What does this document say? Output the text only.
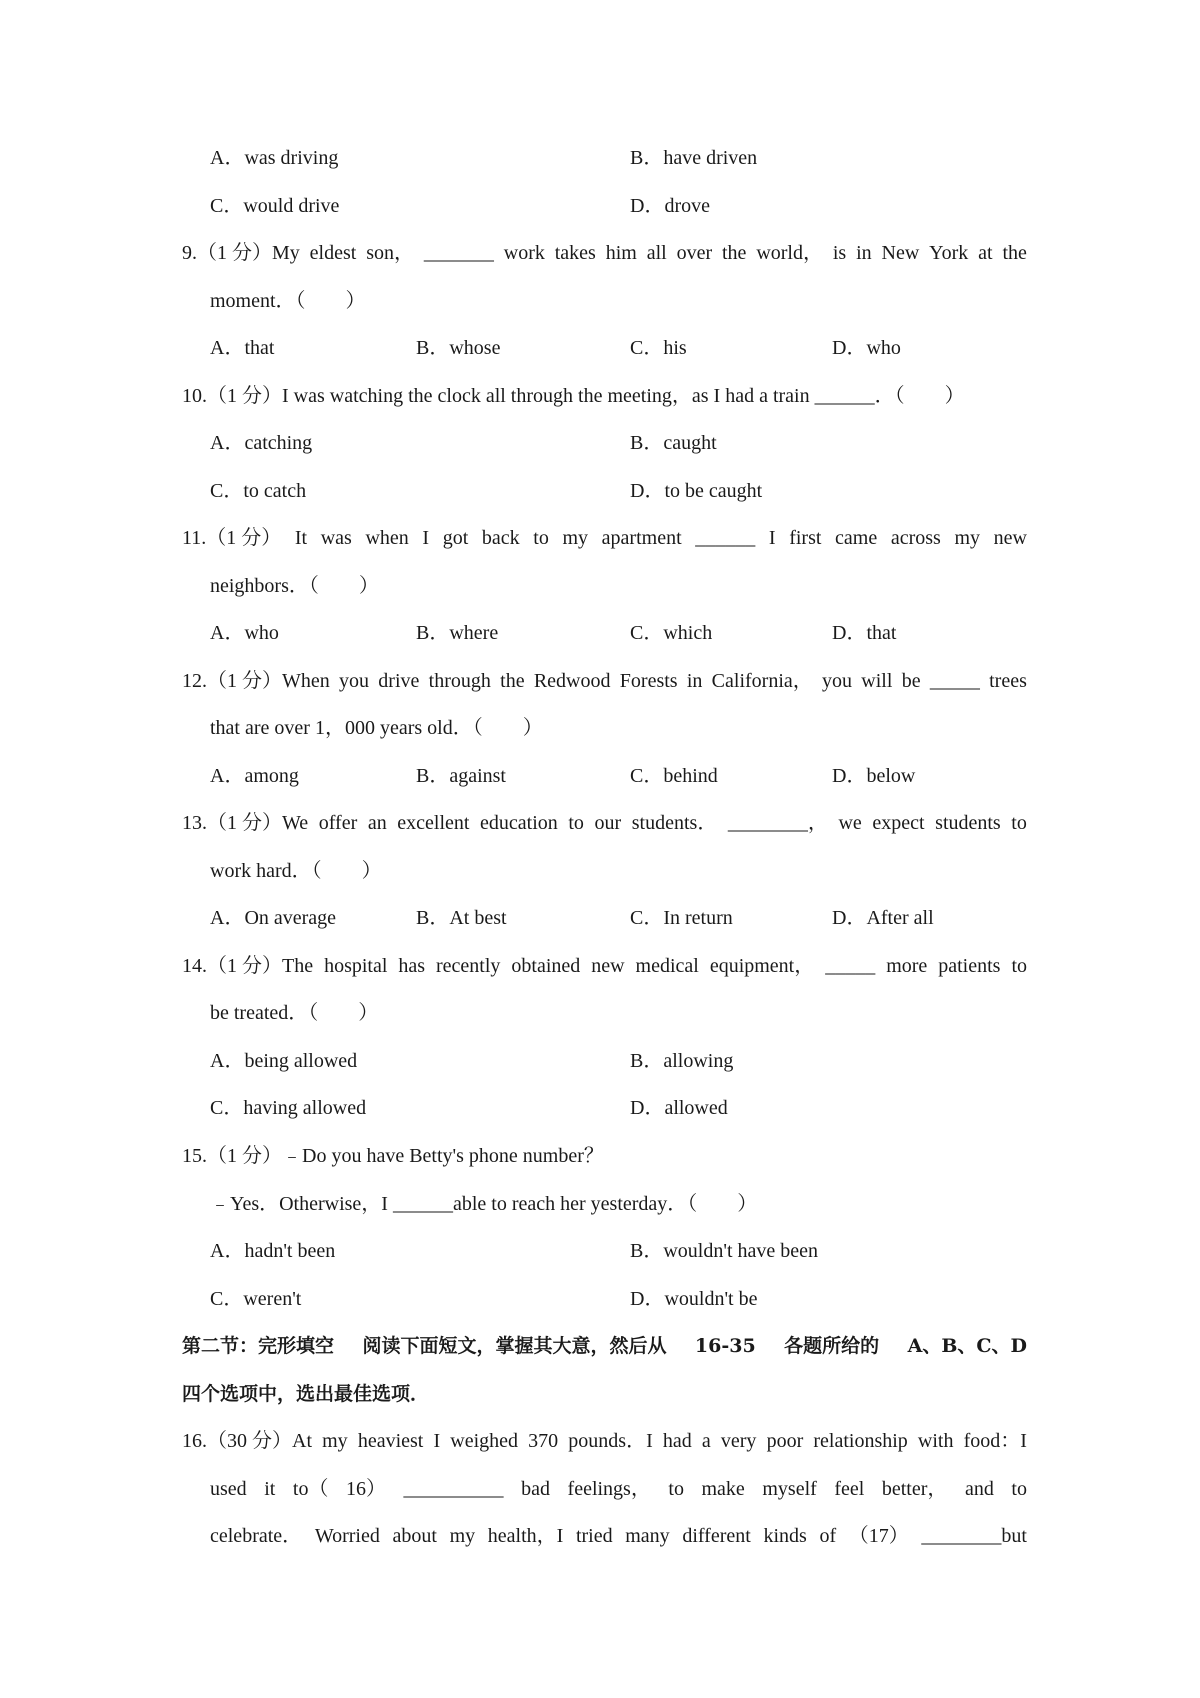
A．was driving	B．have driven
C．would drive	D．drove
9.（1 分）My eldest son， _______ work takes him all over the world， is in New York at the
moment．（　　）
A．that	B．whose	C．his	D．who
10.（1 分）I was watching the clock all through the meeting，as I had a train ______．（　　）
A．catching	B．caught
C．to catch	D．to be caught
11.（1 分） It was when I got back to my apartment ______ I first came across my new
neighbors．（　　）
A．who	B．where	C．which	D．that
12.（1 分）When you drive through the Redwood Forests in California， you will be _____ trees
that are over 1，000 years old．（　　）
A．among	B．against	C．behind	D．below
13.（1 分）We offer an excellent education to our students． ________， we expect students to
work hard．（　　）
A．On average	B．At best	C．In return	D．After all
14.（1 分）The hospital has recently obtained new medical equipment， _____ more patients to
be treated．（　　）
A．being allowed	B．allowing
C．having allowed	D．allowed
15.（1 分）﹣Do you have Betty's phone number？
﹣Yes．Otherwise，I ______able to reach her yesterday．（　　）
A．hadn't been	B．wouldn't have been
C．weren't	D．wouldn't be
第二节：完形填空 阅读下面短文，掌握其大意，然后从 16-35 各题所给的 A、B、C、D
四个选项中，选出最佳选项．
16.（30 分）At my heaviest I weighed 370 pounds．I had a very poor relationship with food：I
used it to（ 16） __________ bad feelings， to make myself feel better， and to
celebrate． Worried about my health，I tried many different kinds of （17） ________but
